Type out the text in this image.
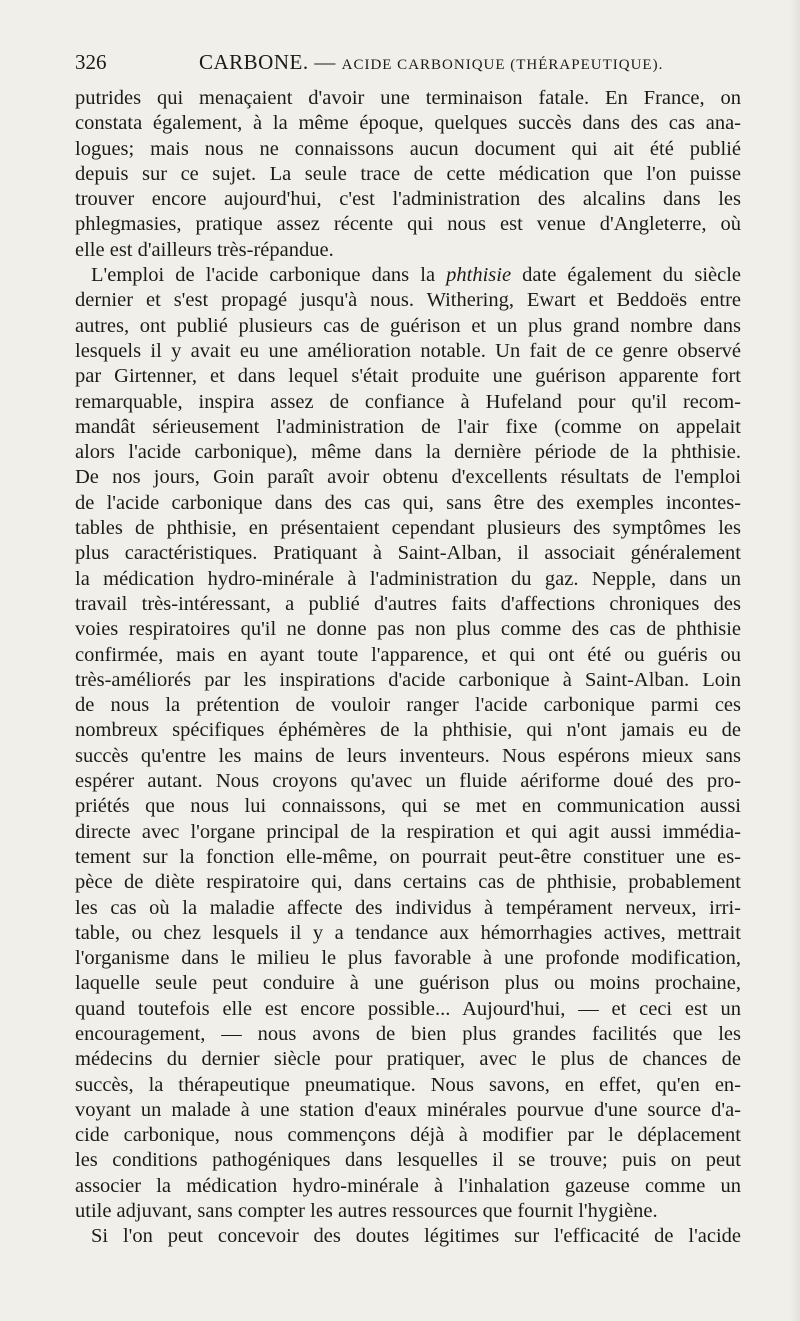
326	CARBONE. — ACIDE CARBONIQUE (THÉRAPEUTIQUE).
putrides qui menaçaient d'avoir une terminaison fatale. En France, on
constata également, à la même époque, quelques succès dans des cas ana-
logues; mais nous ne connaissons aucun document qui ait été publié
depuis sur ce sujet. La seule trace de cette médication que l'on puisse
trouver encore aujourd'hui, c'est l'administration des alcalins dans les
phlegmasies, pratique assez récente qui nous est venue d'Angleterre, où
elle est d'ailleurs très-répandue.
L'emploi de l'acide carbonique dans la phthisie date également du siècle
dernier et s'est propagé jusqu'à nous. Withering, Ewart et Beddoës entre
autres, ont publié plusieurs cas de guérison et un plus grand nombre dans
lesquels il y avait eu une amélioration notable. Un fait de ce genre observé
par Girtenner, et dans lequel s'était produite une guérison apparente fort
remarquable, inspira assez de confiance à Hufeland pour qu'il recom-
mandât sérieusement l'administration de l'air fixe (comme on appelait
alors l'acide carbonique), même dans la dernière période de la phthisie.
De nos jours, Goin paraît avoir obtenu d'excellents résultats de l'emploi
de l'acide carbonique dans des cas qui, sans être des exemples incontes-
tables de phthisie, en présentaient cependant plusieurs des symptômes les
plus caractéristiques. Pratiquant à Saint-Alban, il associait généralement
la médication hydro-minérale à l'administration du gaz. Nepple, dans un
travail très-intéressant, a publié d'autres faits d'affections chroniques des
voies respiratoires qu'il ne donne pas non plus comme des cas de phthisie
confirmée, mais en ayant toute l'apparence, et qui ont été ou guéris ou
très-améliorés par les inspirations d'acide carbonique à Saint-Alban. Loin
de nous la prétention de vouloir ranger l'acide carbonique parmi ces
nombreux spécifiques éphémères de la phthisie, qui n'ont jamais eu de
succès qu'entre les mains de leurs inventeurs. Nous espérons mieux sans
espérer autant. Nous croyons qu'avec un fluide aériforme doué des pro-
priétés que nous lui connaissons, qui se met en communication aussi
directe avec l'organe principal de la respiration et qui agit aussi immédia-
tement sur la fonction elle-même, on pourrait peut-être constituer une es-
pèce de diète respiratoire qui, dans certains cas de phthisie, probablement
les cas où la maladie affecte des individus à tempérament nerveux, irri-
table, ou chez lesquels il y a tendance aux hémorrhagies actives, mettrait
l'organisme dans le milieu le plus favorable à une profonde modification,
laquelle seule peut conduire à une guérison plus ou moins prochaine,
quand toutefois elle est encore possible... Aujourd'hui, — et ceci est un
encouragement, — nous avons de bien plus grandes facilités que les
médecins du dernier siècle pour pratiquer, avec le plus de chances de
succès, la thérapeutique pneumatique. Nous savons, en effet, qu'en en-
voyant un malade à une station d'eaux minérales pourvue d'une source d'a-
cide carbonique, nous commençons déjà à modifier par le déplacement
les conditions pathogéniques dans lesquelles il se trouve; puis on peut
associer la médication hydro-minérale à l'inhalation gazeuse comme un
utile adjuvant, sans compter les autres ressources que fournit l'hygiène.
Si l'on peut concevoir des doutes légitimes sur l'efficacité de l'acide
